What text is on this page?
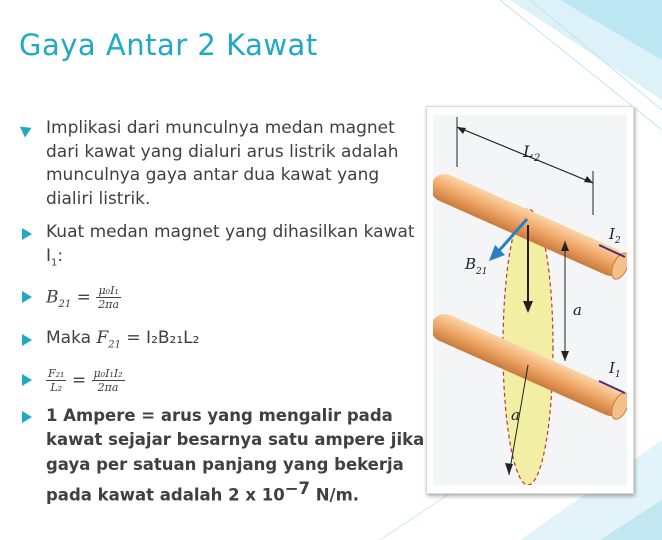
Gaya Antar 2 Kawat
Implikasi dari munculnya medan magnet dari kawat yang dialuri arus listrik adalah munculnya gaya antar dua kawat yang dialiri listrik.
Kuat medan magnet yang dihasilkan kawat $I_1$:
$B_{21} = \frac{\text{μ₀I₁}}{2\pi a}$
Maka $F_{21} = I_2B_{21}L_2$
$\frac{\text{F₂₁}}{\text{L₂}} = \frac{\text{μ₀I₁I₂}}{2\pi a}$
1 Ampere = arus yang mengalir pada kawat sejajar besarnya satu ampere jika gaya per satuan panjang yang bekerja pada kawat adalah 2 x $10^{-7}$ N/m.
L 2
I 2
I 1
B 21
a
a
